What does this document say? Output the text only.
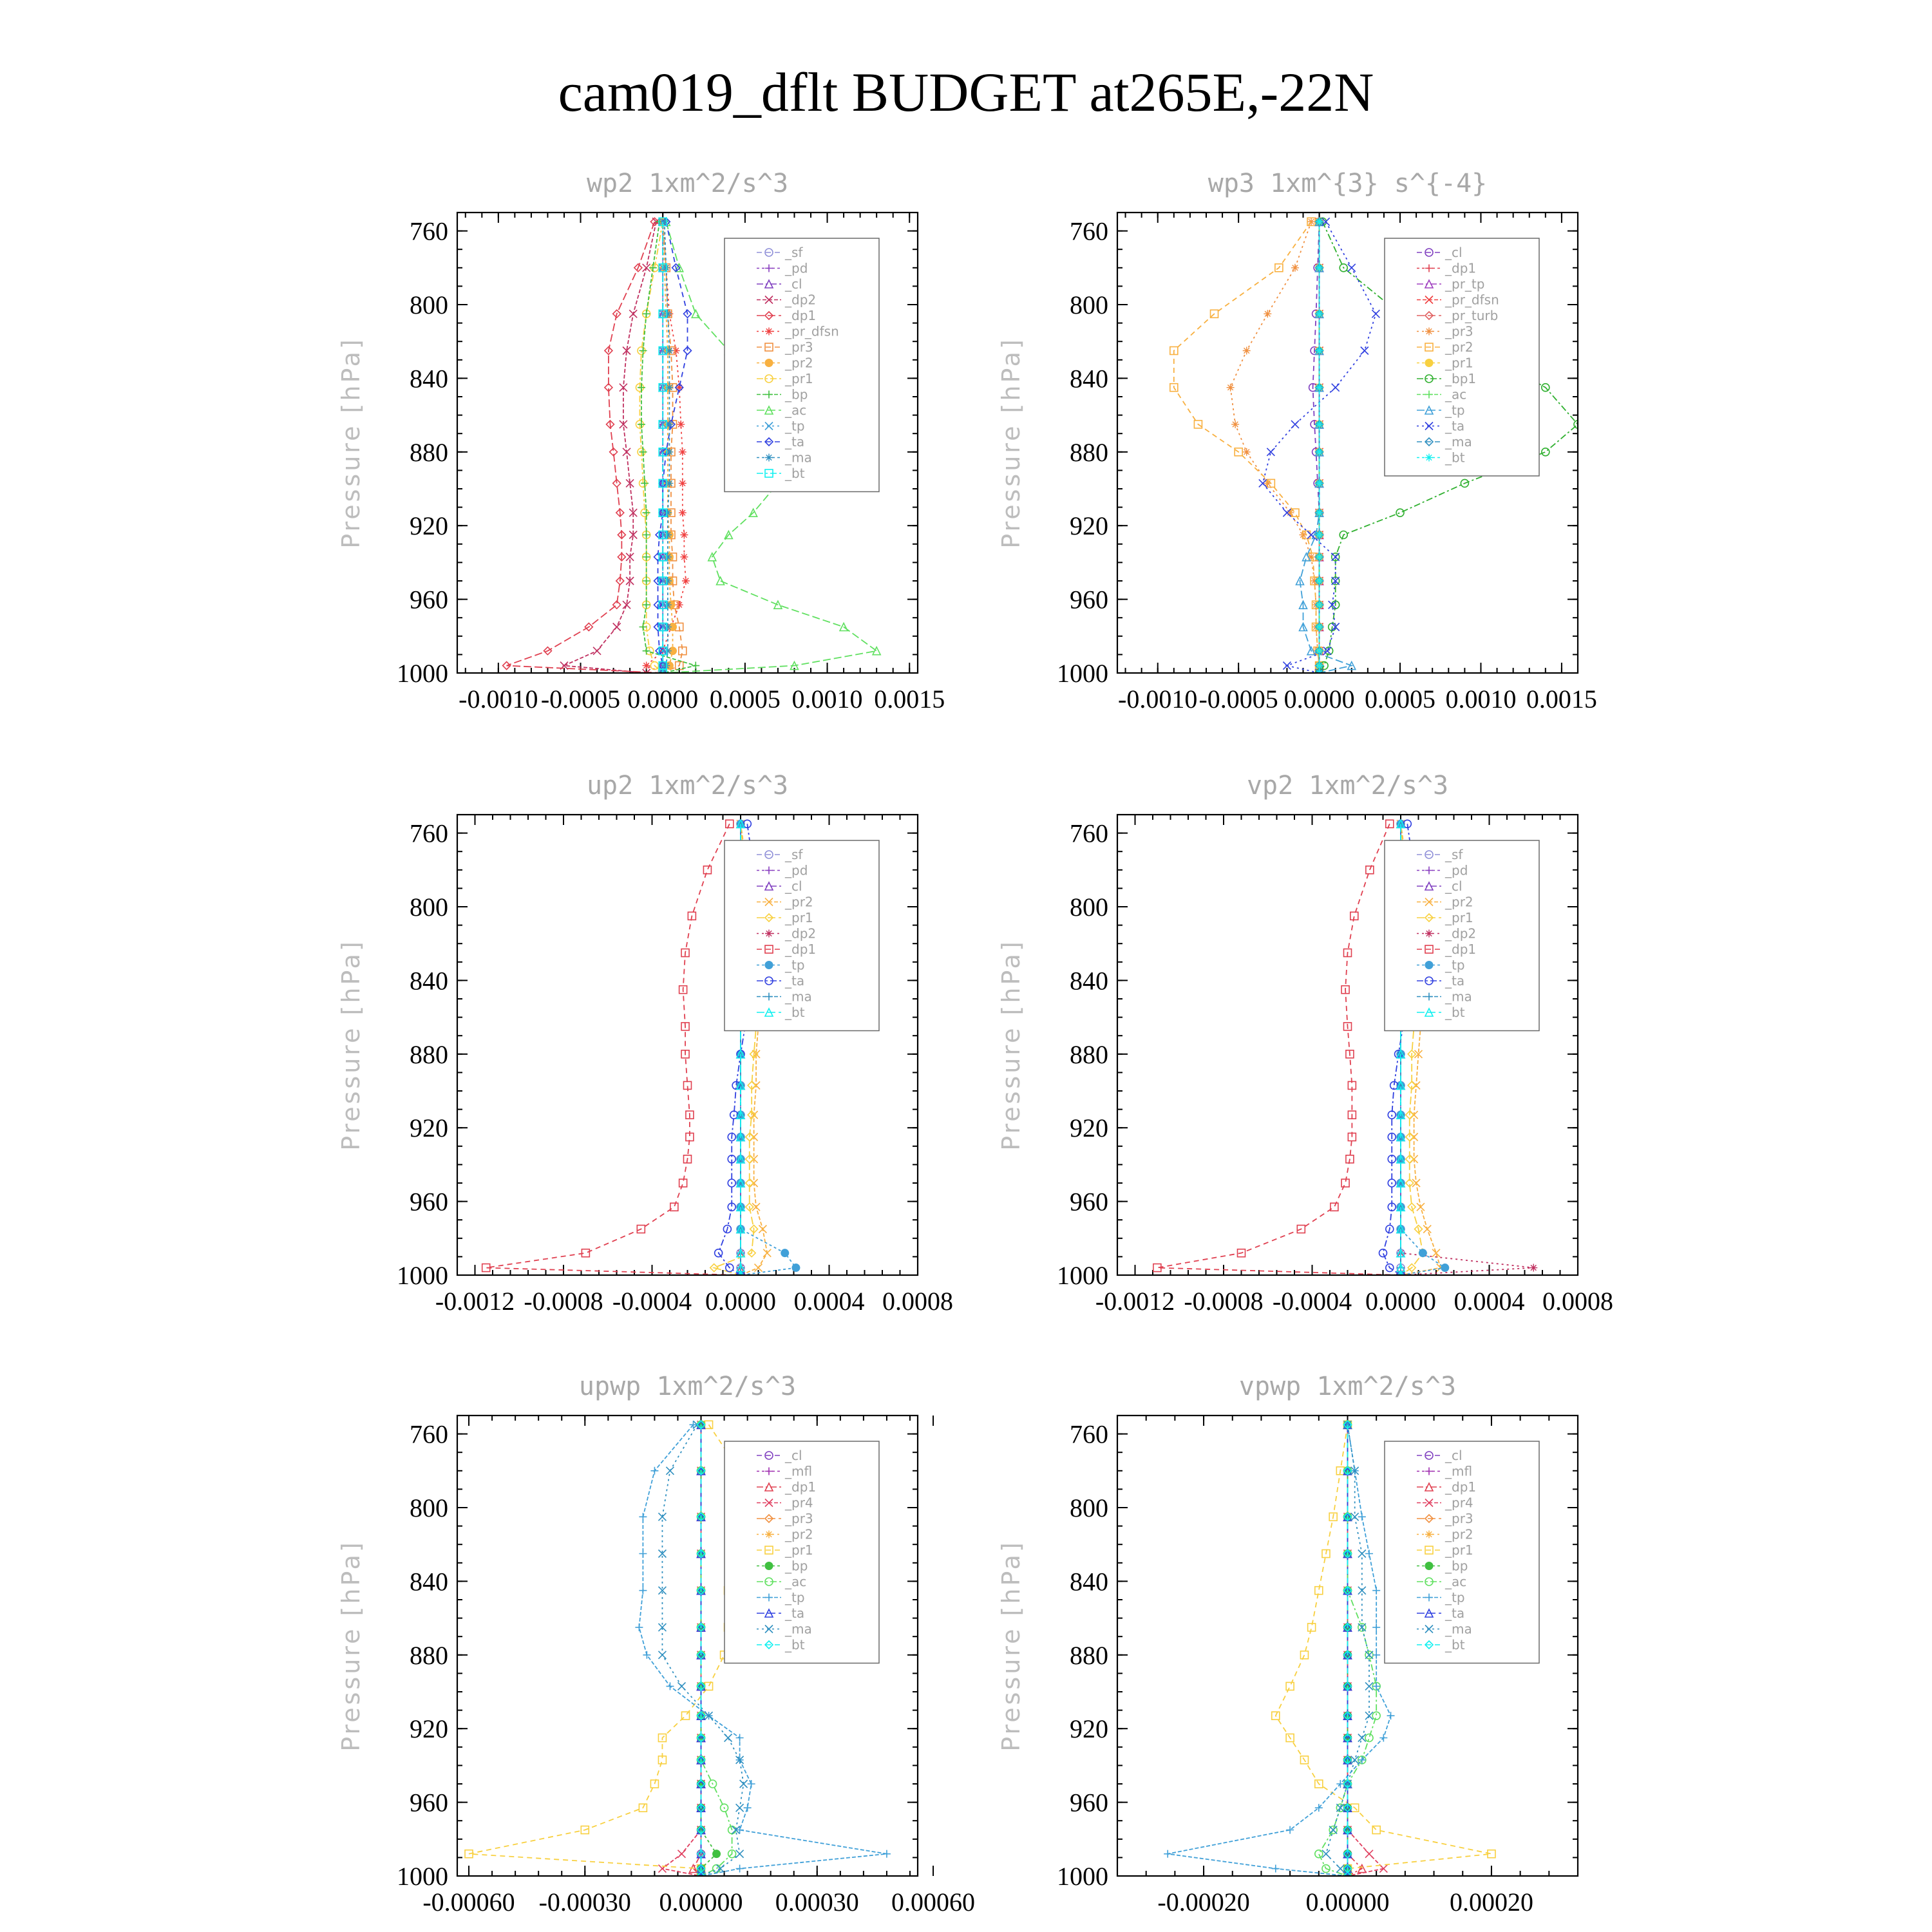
cam019_dflt BUDGET at265E,-22N
wp2 1xm^2/s^3
Pressure [hPa]
760
800
840
880
920
960
1000
-0.0010 -0.0005 0.0000 0.0005 0.0010 0.0015
_sf
_pd
_cl
_dp2
_dp1
_pr_dfsn
_pr3
_pr2
_pr1
_bp
_ac
_tp
_ta
_ma
_bt
wp3 1xm^{3} s^{-4}
Pressure [hPa]
760
800
840
880
920
960
1000
-0.0010 -0.0005 0.0000 0.0005 0.0010 0.0015
_cl
_dp1
_pr_tp
_pr_dfsn
_pr_turb
_pr3
_pr2
_pr1
_bp1
_ac
_tp
_ta
_ma
_bt
up2 1xm^2/s^3
Pressure [hPa]
760
800
840
880
920
960
1000
-0.0012 -0.0008 -0.0004 0.0000 0.0004 0.0008
_sf
_pd
_cl
_pr2
_pr1
_dp2
_dp1
_tp
_ta
_ma
_bt
vp2 1xm^2/s^3
Pressure [hPa]
760
800
840
880
920
960
1000
-0.0012 -0.0008 -0.0004 0.0000 0.0004 0.0008
_sf
_pd
_cl
_pr2
_pr1
_dp2
_dp1
_tp
_ta
_ma
_bt
upwp 1xm^2/s^3
Pressure [hPa]
760
800
840
880
920
960
1000
-0.00060 -0.00030 0.00000 0.00030 0.00060
_cl
_mfl
_dp1
_pr4
_pr3
_pr2
_pr1
_bp
_ac
_tp
_ta
_ma
_bt
vpwp 1xm^2/s^3
Pressure [hPa]
760
800
840
880
920
960
1000
-0.00020 0.00000 0.00020
_cl
_mfl
_dp1
_pr4
_pr3
_pr2
_pr1
_bp
_ac
_tp
_ta
_ma
_bt
